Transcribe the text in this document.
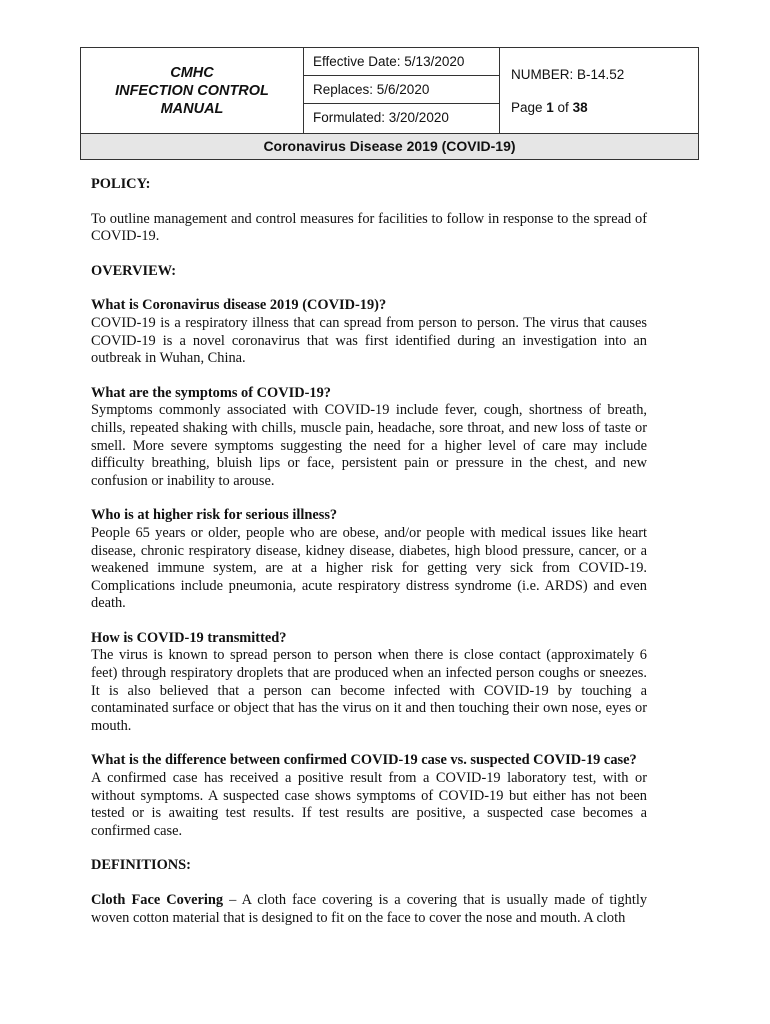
CMHC
INFECTION CONTROL
MANUAL
Effective Date: 5/13/2020
Replaces: 5/6/2020
Formulated: 3/20/2020
NUMBER: B-14.52
Page 1 of 38
Coronavirus Disease 2019 (COVID-19)
POLICY:

To outline management and control measures for facilities to follow in response to the spread of COVID-19.

OVERVIEW:
What is Coronavirus disease 2019 (COVID-19)?

COVID-19 is a respiratory illness that can spread from person to person. The virus that causes COVID-19 is a novel coronavirus that was first identified during an investigation into an outbreak in Wuhan, China.

What are the symptoms of COVID-19?

Symptoms commonly associated with COVID-19 include fever, cough, shortness of breath, chills, repeated shaking with chills, muscle pain, headache, sore throat, and new loss of taste or smell. More severe symptoms suggesting the need for a higher level of care may include difficulty breathing, bluish lips or face, persistent pain or pressure in the chest, and new confusion or inability to arouse.

Who is at higher risk for serious illness?

People 65 years or older, people who are obese, and/or people with medical issues like heart disease, chronic respiratory disease, kidney disease, diabetes, high blood pressure, cancer, or a weakened immune system, are at a higher risk for getting very sick from COVID-19. Complications include pneumonia, acute respiratory distress syndrome (i.e. ARDS) and even death.

How is COVID-19 transmitted?

The virus is known to spread person to person when there is close contact (approximately 6 feet) through respiratory droplets that are produced when an infected person coughs or sneezes. It is also believed that a person can become infected with COVID-19 by touching a contaminated surface or object that has the virus on it and then touching their own nose, eyes or mouth.

What is the difference between confirmed COVID-19 case vs. suspected COVID-19 case?

A confirmed case has received a positive result from a COVID-19 laboratory test, with or without symptoms. A suspected case shows symptoms of COVID-19 but either has not been tested or is awaiting test results. If test results are positive, a suspected case becomes a confirmed case.

DEFINITIONS:

Cloth Face Covering – A cloth face covering is a covering that is usually made of tightly woven cotton material that is designed to fit on the face to cover the nose and mouth. A cloth
